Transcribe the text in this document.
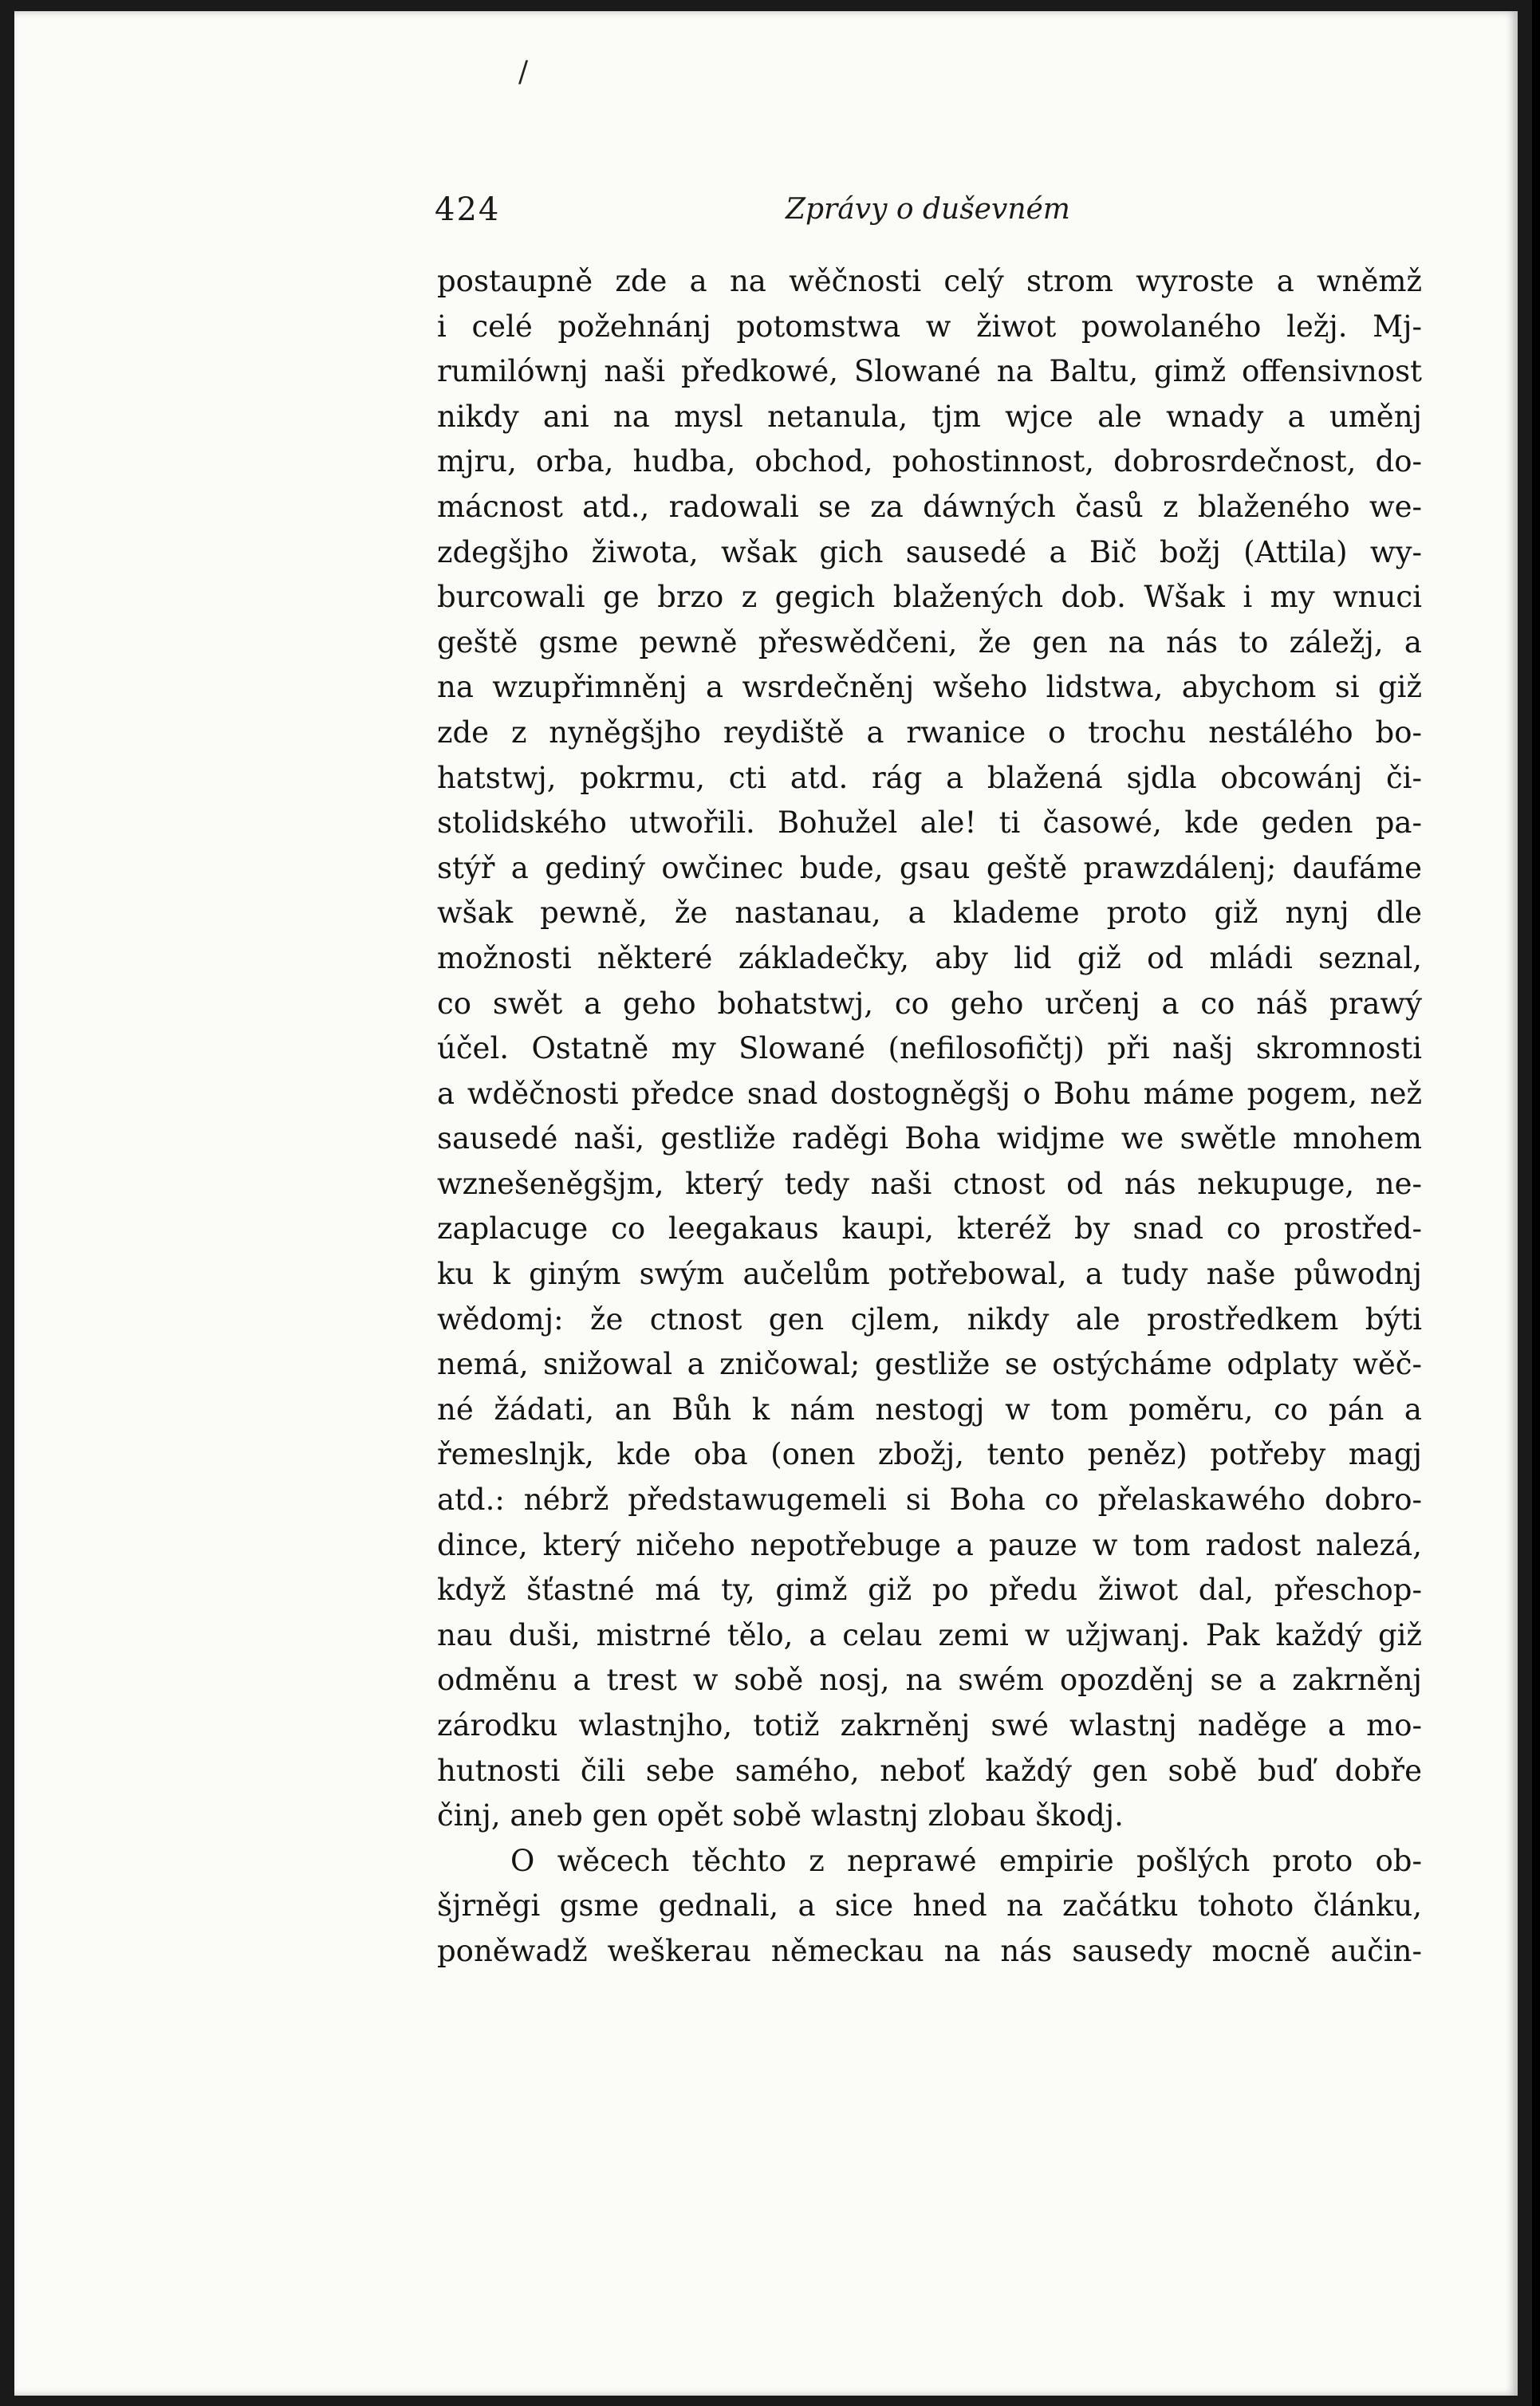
/
424	Zprávy o duševném
postaupně zde a na wěčnosti celý strom wyroste a wněmž
i celé požehnánj potomstwa w žiwot powolaného ležj. Mj-
rumilównj naši předkowé, Slowané na Baltu, gimž offensivnost
nikdy ani na mysl netanula, tjm wjce ale wnady a uměnj
mjru, orba, hudba, obchod, pohostinnost, dobrosrdečnost, do-
mácnost atd., radowali se za dáwných časů z blaženého we-
zdegšjho žiwota, wšak gich sausedé a Bič božj (Attila) wy-
burcowali ge brzo z gegich blažených dob. Wšak i my wnuci
geště gsme pewně přeswědčeni, že gen na nás to záležj, a
na wzupřimněnj a wsrdečněnj wšeho lidstwa, abychom si giž
zde z nyněgšjho reydiště a rwanice o trochu nestálého bo-
hatstwj, pokrmu, cti atd. rág a blažená sjdla obcowánj či-
stolidského utwořili. Bohužel ale! ti časowé, kde geden pa-
stýř a gediný owčinec bude, gsau geště prawzdálenj; daufáme
wšak pewně, že nastanau, a klademe proto giž nynj dle
možnosti některé základečky, aby lid giž od mládi seznal,
co swět a geho bohatstwj, co geho určenj a co náš prawý
účel. Ostatně my Slowané (nefilosofičtj) při našj skromnosti
a wděčnosti předce snad dostogněgšj o Bohu máme pogem, než
sausedé naši, gestliže raděgi Boha widjme we swětle mnohem
wznešeněgšjm, který tedy naši ctnost od nás nekupuge, ne-
zaplacuge co leegakaus kaupi, kteréž by snad co prostřed-
ku k giným swým aučelům potřebowal, a tudy naše půwodnj
wědomj: že ctnost gen cjlem, nikdy ale prostředkem býti
nemá, snižowal a zničowal; gestliže se ostýcháme odplaty wěč-
né žádati, an Bůh k nám nestogj w tom poměru, co pán a
řemeslnjk, kde oba (onen zbožj, tento peněz) potřeby magj
atd.: nébrž předstawugemeli si Boha co přelaskawého dobro-
dince, který ničeho nepotřebuge a pauze w tom radost nalezá,
když šťastné má ty, gimž giž po předu žiwot dal, přeschop-
nau duši, mistrné tělo, a celau zemi w užjwanj. Pak každý giž
odměnu a trest w sobě nosj, na swém opozděnj se a zakrněnj
zárodku wlastnjho, totiž zakrněnj swé wlastnj naděge a mo-
hutnosti čili sebe samého, neboť každý gen sobě buď dobře
činj, aneb gen opět sobě wlastnj zlobau škodj.
O wěcech těchto z neprawé empirie pošlých proto ob-
šjrněgi gsme gednali, a sice hned na začátku tohoto článku,
poněwadž weškerau německau na nás sausedy mocně aučin-
